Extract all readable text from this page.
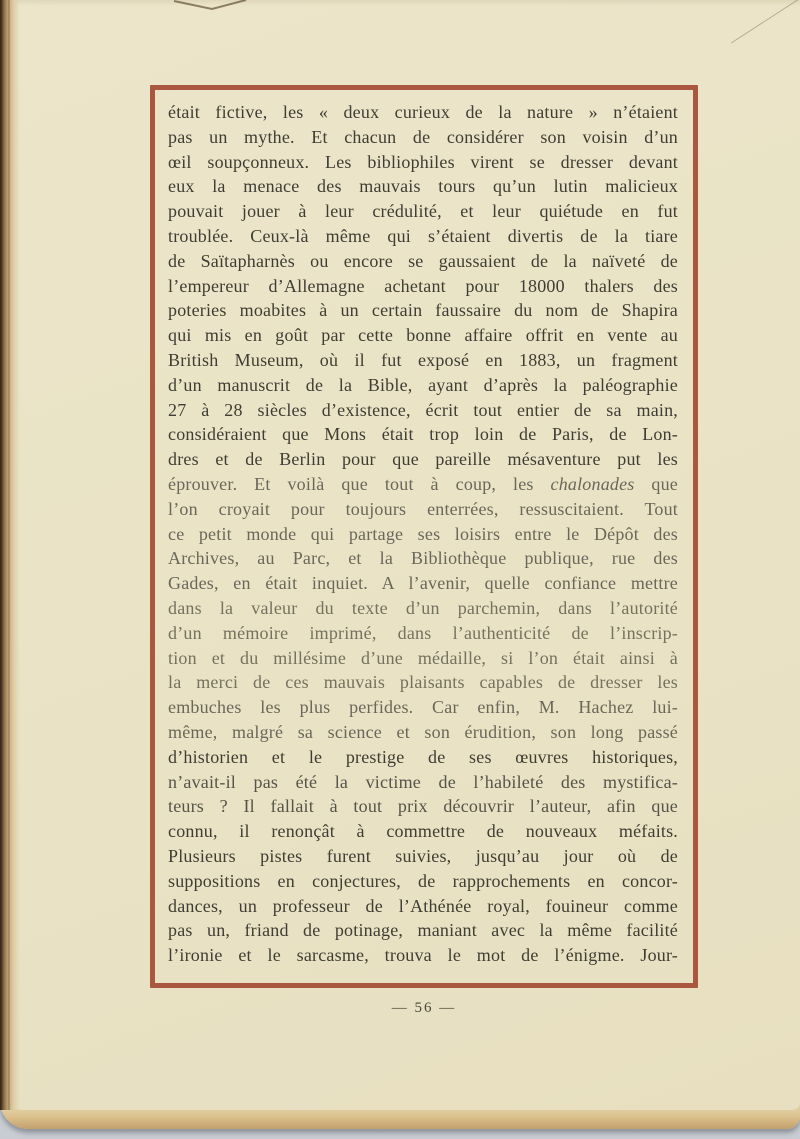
était fictive, les « deux curieux de la nature » n’étaient
pas un mythe. Et chacun de considérer son voisin d’un
œil soupçonneux. Les bibliophiles virent se dresser devant
eux la menace des mauvais tours qu’un lutin malicieux
pouvait jouer à leur crédulité, et leur quiétude en fut
troublée. Ceux-là même qui s’étaient divertis de la tiare
de Saïtapharnès ou encore se gaussaient de la naïveté de
l’empereur d’Allemagne achetant pour 18000 thalers des
poteries moabites à un certain faussaire du nom de Shapira
qui mis en goût par cette bonne affaire offrit en vente au
British Museum, où il fut exposé en 1883, un fragment
d’un manuscrit de la Bible, ayant d’après la paléographie
27 à 28 siècles d’existence, écrit tout entier de sa main,
considéraient que Mons était trop loin de Paris, de Lon-
dres et de Berlin pour que pareille mésaventure put les
éprouver. Et voilà que tout à coup, les chalonades que
l’on croyait pour toujours enterrées, ressuscitaient. Tout
ce petit monde qui partage ses loisirs entre le Dépôt des
Archives, au Parc, et la Bibliothèque publique, rue des
Gades, en était inquiet. A l’avenir, quelle confiance mettre
dans la valeur du texte d’un parchemin, dans l’autorité
d’un mémoire imprimé, dans l’authenticité de l’inscrip-
tion et du millésime d’une médaille, si l’on était ainsi à
la merci de ces mauvais plaisants capables de dresser les
embuches les plus perfides. Car enfin, M. Hachez lui-
même, malgré sa science et son érudition, son long passé
d’historien et le prestige de ses œuvres historiques,
n’avait-il pas été la victime de l’habileté des mystifica-
teurs ? Il fallait à tout prix découvrir l’auteur, afin que
connu, il renonçât à commettre de nouveaux méfaits.
Plusieurs pistes furent suivies, jusqu’au jour où de
suppositions en conjectures, de rapprochements en concor-
dances, un professeur de l’Athénée royal, fouineur comme
pas un, friand de potinage, maniant avec la même facilité
l’ironie et le sarcasme, trouva le mot de l’énigme. Jour-
— 56 —
